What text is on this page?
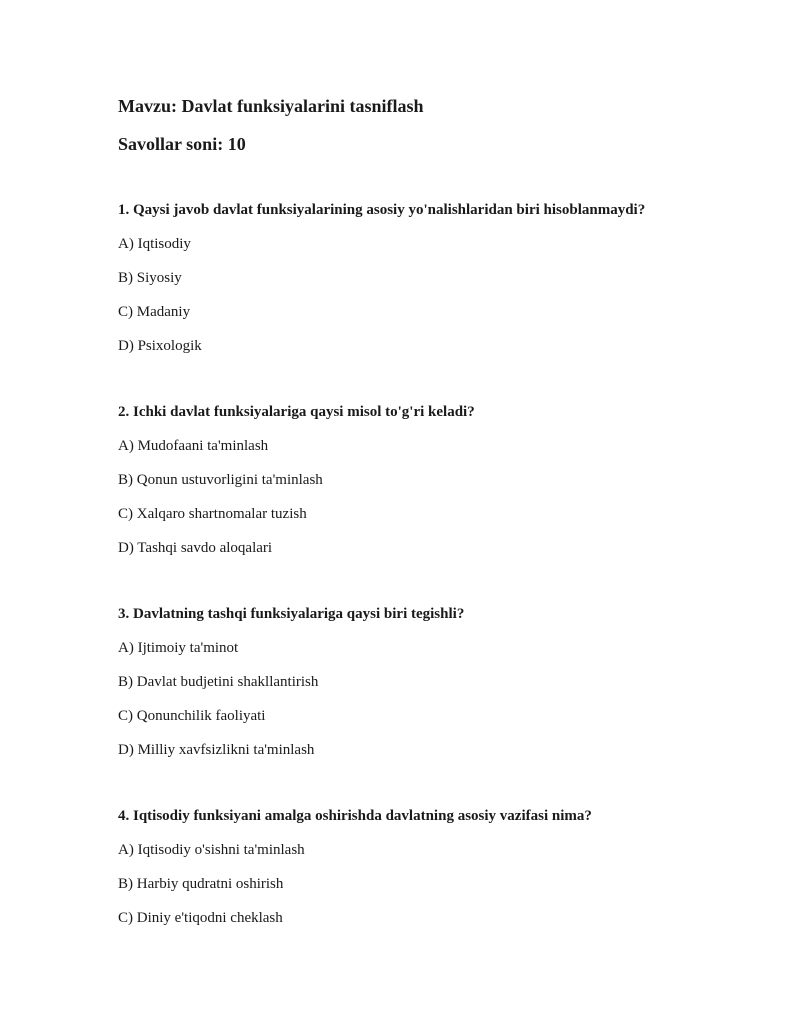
Mavzu: Davlat funksiyalarini tasniflash

Savollar soni: 10

1. Qaysi javob davlat funksiyalarining asosiy yo'nalishlaridan biri hisoblanmaydi?

A) Iqtisodiy

B) Siyosiy

C) Madaniy

D) Psixologik

2. Ichki davlat funksiyalariga qaysi misol to'g'ri keladi?

A) Mudofaani ta'minlash

B) Qonun ustuvorligini ta'minlash

C) Xalqaro shartnomalar tuzish

D) Tashqi savdo aloqalari

3. Davlatning tashqi funksiyalariga qaysi biri tegishli?

A) Ijtimoiy ta'minot

B) Davlat budjetini shakllantirish

C) Qonunchilik faoliyati

D) Milliy xavfsizlikni ta'minlash

4. Iqtisodiy funksiyani amalga oshirishda davlatning asosiy vazifasi nima?

A) Iqtisodiy o'sishni ta'minlash

B) Harbiy qudratni oshirish

C) Diniy e'tiqodni cheklash
